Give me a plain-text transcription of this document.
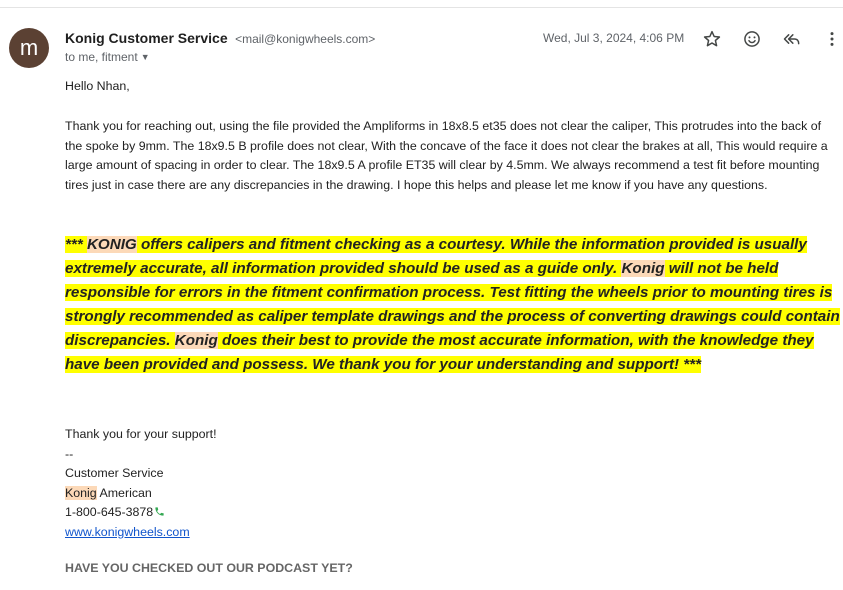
m	Konig Customer Service <mail@konigwheels.com>
to me, fitment ▼
Wed, Jul 3, 2024, 4:06 PM

Hello Nhan,

Thank you for reaching out, using the file provided the Ampliforms in 18x8.5 et35 does not clear the caliper, This protrudes into the back of the spoke by 9mm. The 18x9.5 B profile does not clear, With the concave of the face it does not clear the brakes at all, This would require a large amount of spacing in order to clear. The 18x9.5 A profile ET35 will clear by 4.5mm. We always recommend a test fit before mounting tires just in case there are any discrepancies in the drawing. I hope this helps and please let me know if you have any questions.

*** KONIG offers calipers and fitment checking as a courtesy. While the information provided is usually extremely accurate, all information provided should be used as a guide only. Konig will not be held responsible for errors in the fitment confirmation process. Test fitting the wheels prior to mounting tires is strongly recommended as caliper template drawings and the process of converting drawings could contain discrepancies. Konig does their best to provide the most accurate information, with the knowledge they have been provided and possess. We thank you for your understanding and support! ***

Thank you for your support!
--
Customer Service
Konig American
1-800-645-3878
www.konigwheels.com
HAVE YOU CHECKED OUT OUR PODCAST YET?
